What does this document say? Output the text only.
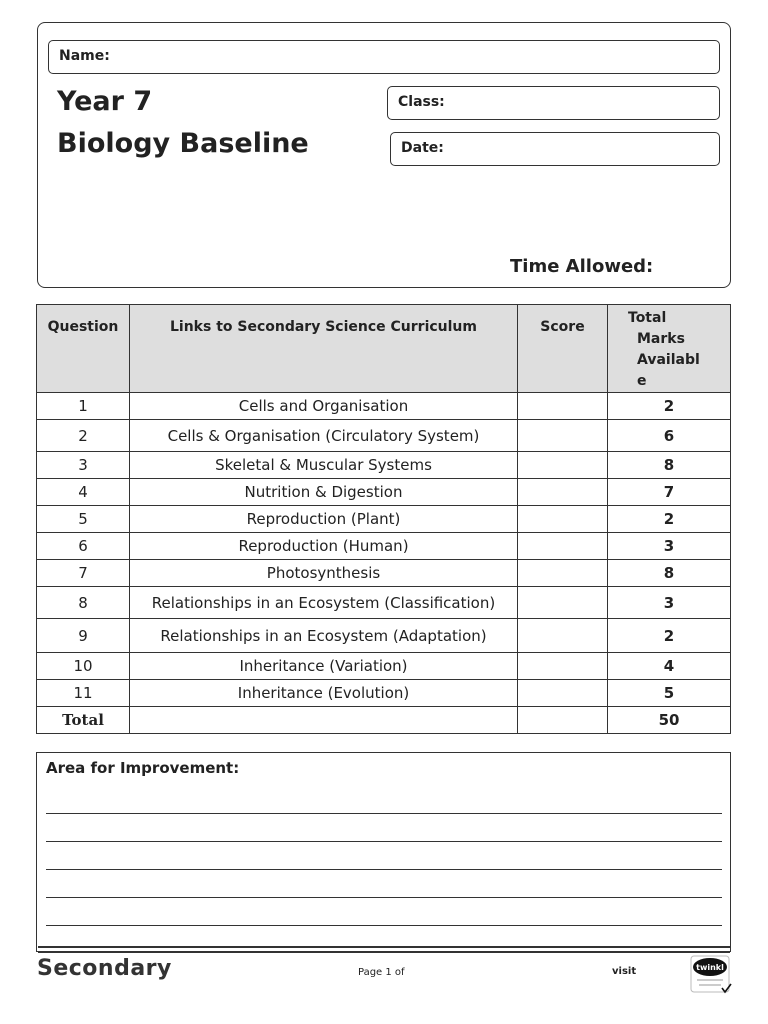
Name:
Year 7
Biology Baseline
Class:
Date:
Time Allowed:
Question	Links to Secondary Science Curriculum	Score	Total
Marks
Availabl
e

1	Cells and Organisation		2
2	Cells & Organisation (Circulatory System)		6
3	Skeletal & Muscular Systems		8
4	Nutrition & Digestion		7
5	Reproduction (Plant)		2
6	Reproduction (Human)		3
7	Photosynthesis		8
8	Relationships in an Ecosystem (Classification)		3
9	Relationships in an Ecosystem (Adaptation)		2
10	Inheritance (Variation)		4
11	Inheritance (Evolution)		5
Total			50
Area for Improvement:
Secondary	Page 1 of	visit	twinkl
